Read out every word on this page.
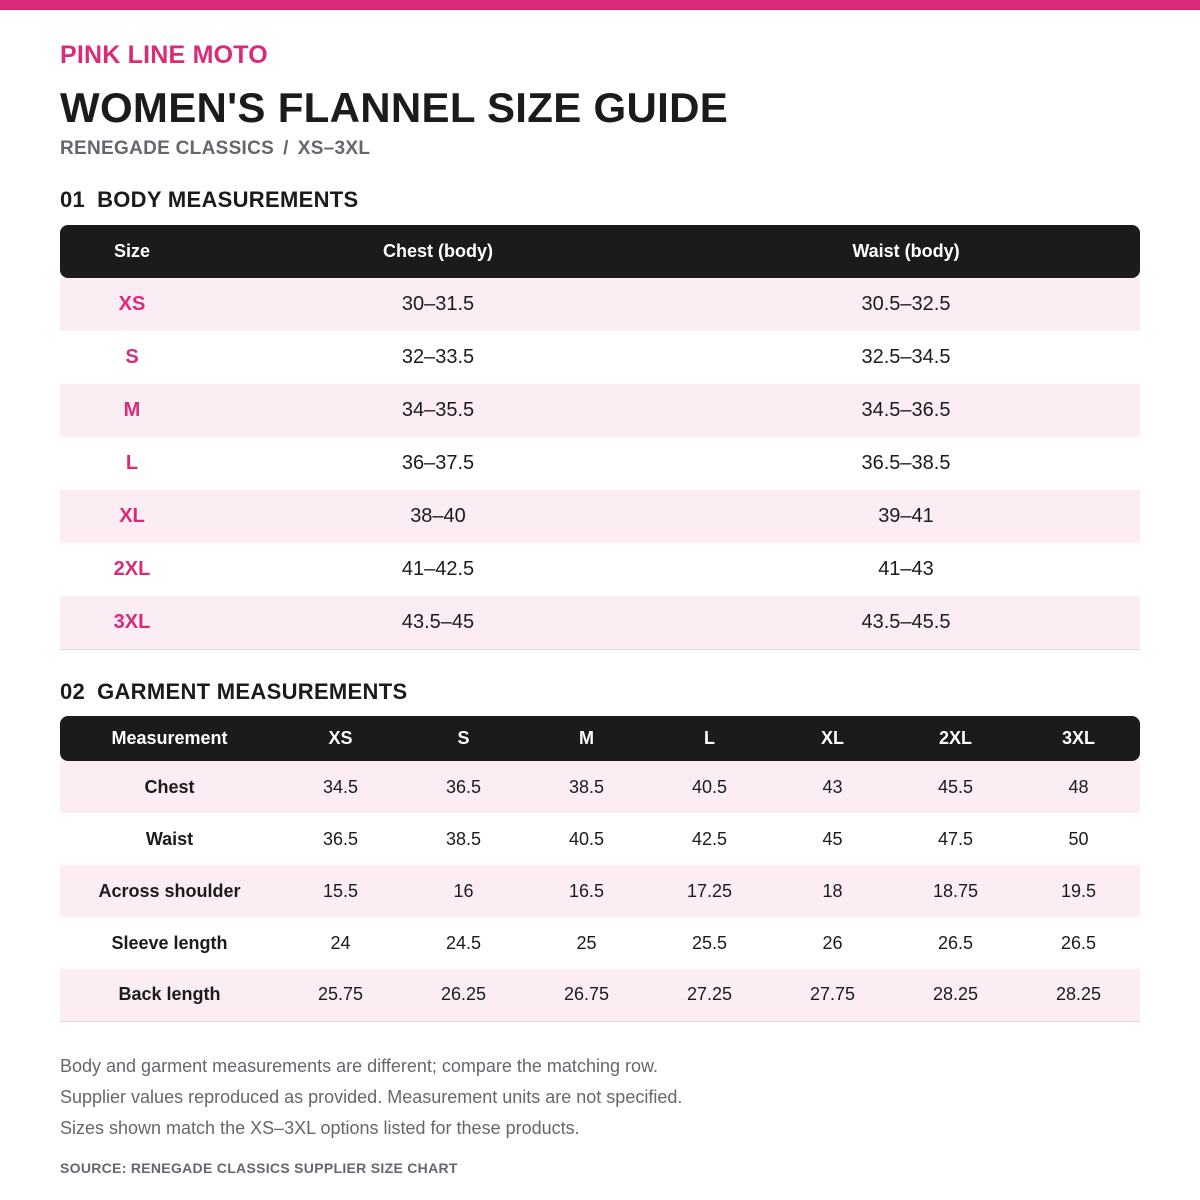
PINK LINE MOTO
WOMEN'S FLANNEL SIZE GUIDE
RENEGADE CLASSICS / XS–3XL
01 BODY MEASUREMENTS
Size	Chest (body)	Waist (body)
XS	30–31.5	30.5–32.5
S	32–33.5	32.5–34.5
M	34–35.5	34.5–36.5
L	36–37.5	36.5–38.5
XL	38–40	39–41
2XL	41–42.5	41–43
3XL	43.5–45	43.5–45.5
02 GARMENT MEASUREMENTS
Measurement	XS	S	M	L	XL	2XL	3XL
Chest	34.5	36.5	38.5	40.5	43	45.5	48
Waist	36.5	38.5	40.5	42.5	45	47.5	50
Across shoulder	15.5	16	16.5	17.25	18	18.75	19.5
Sleeve length	24	24.5	25	25.5	26	26.5	26.5
Back length	25.75	26.25	26.75	27.25	27.75	28.25	28.25
Body and garment measurements are different; compare the matching row.
Supplier values reproduced as provided. Measurement units are not specified.
Sizes shown match the XS–3XL options listed for these products.
SOURCE: RENEGADE CLASSICS SUPPLIER SIZE CHART
